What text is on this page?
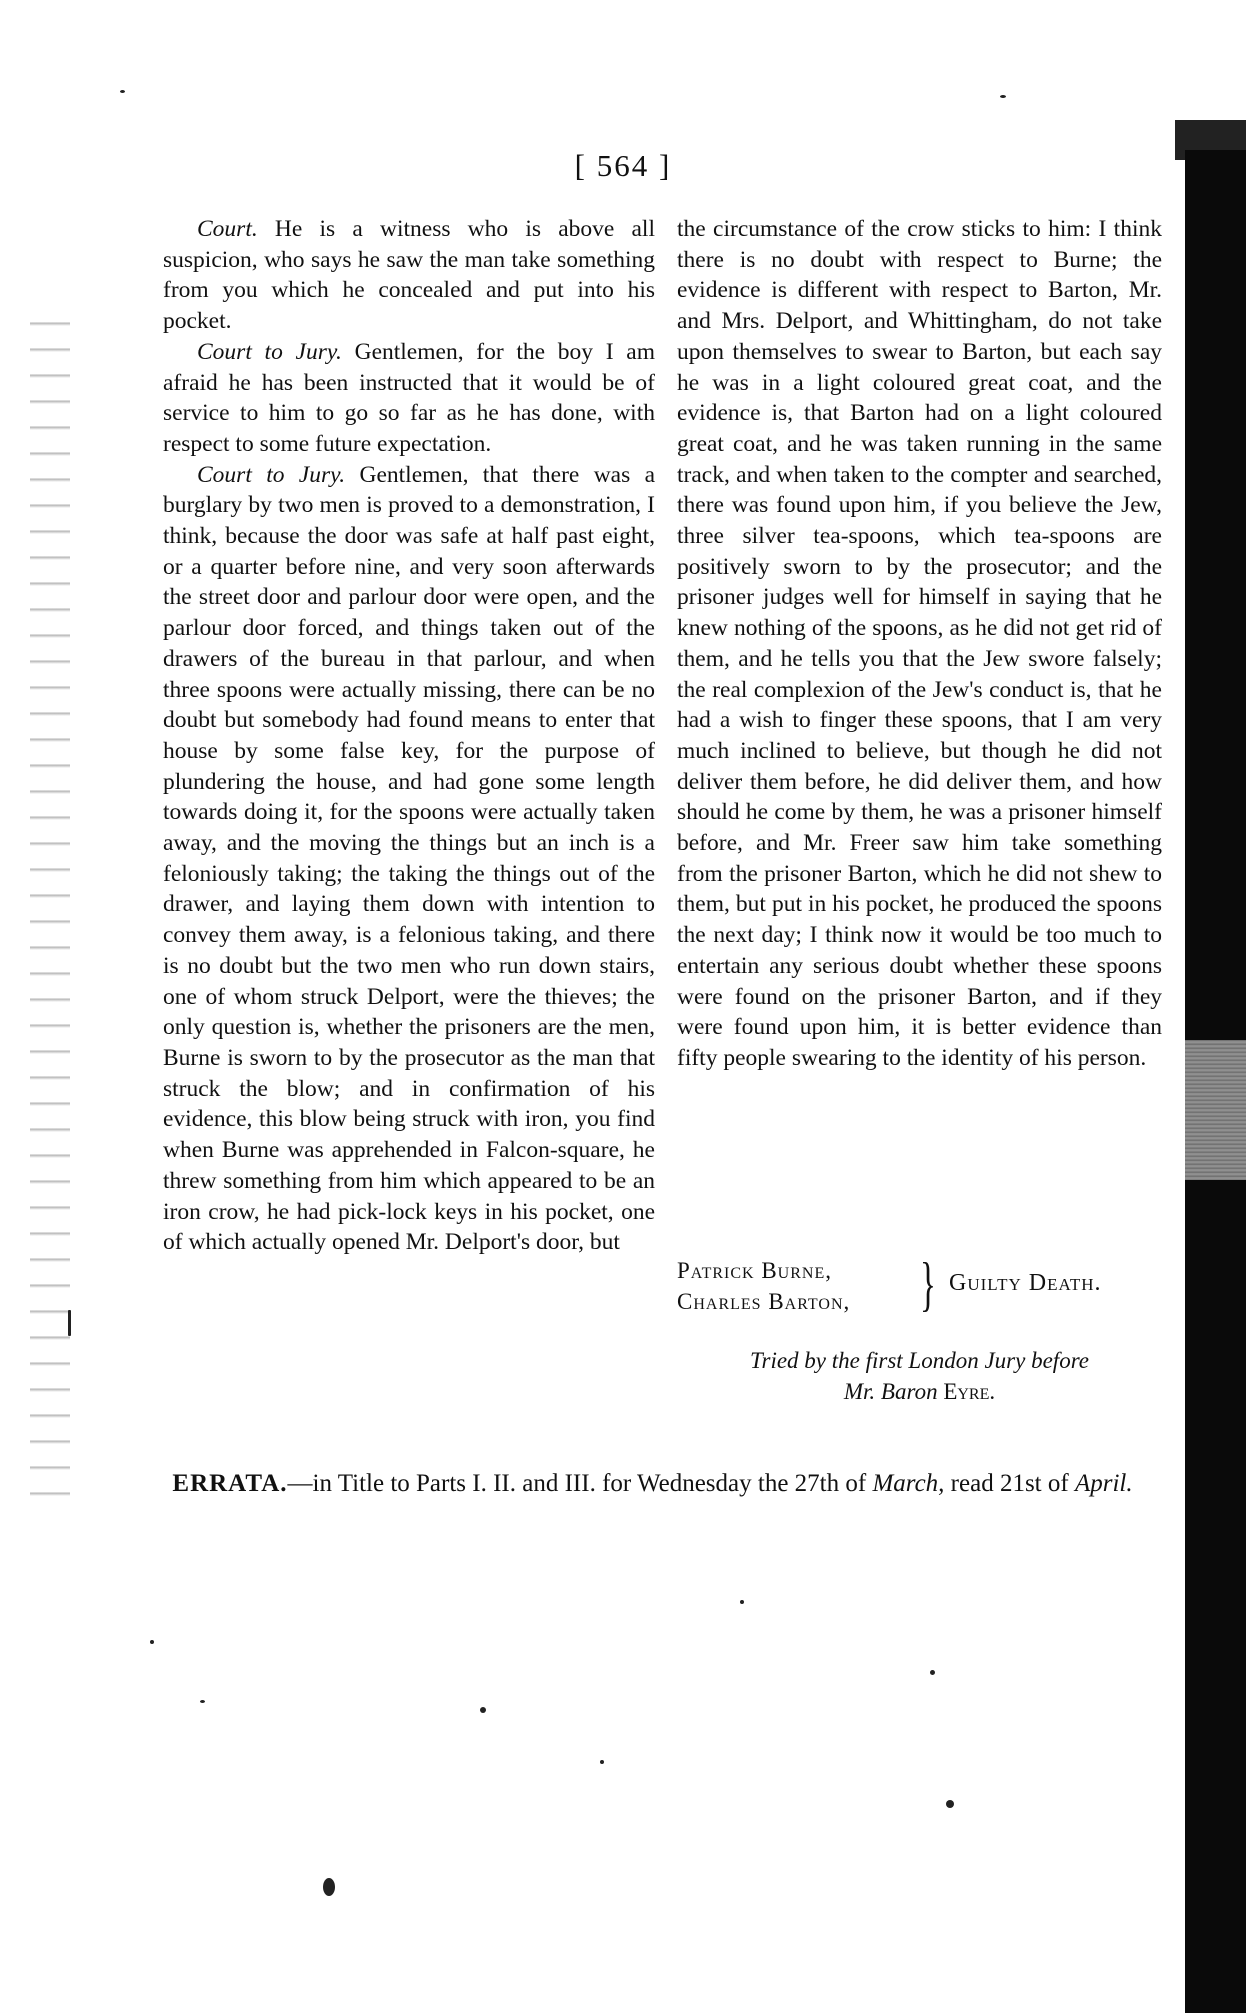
[ 564 ]

Court. He is a witness who is above all suspicion, who says he saw the man take something from you which he concealed and put into his pocket.

Court to Jury. Gentlemen, for the boy I am afraid he has been instructed that it would be of service to him to go so far as he has done, with respect to some future expectation.

Court to Jury. Gentlemen, that there was a burglary by two men is proved to a demonstration, I think, because the door was safe at half past eight, or a quarter before nine, and very soon afterwards the street door and parlour door were open, and the parlour door forced, and things taken out of the drawers of the bureau in that parlour, and when three spoons were actually missing, there can be no doubt but somebody had found means to enter that house by some false key, for the purpose of plundering the house, and had gone some length towards doing it, for the spoons were actually taken away, and the moving the things but an inch is a feloniously taking; the taking the things out of the drawer, and laying them down with intention to convey them away, is a felonious taking, and there is no doubt but the two men who run down stairs, one of whom struck Delport, were the thieves; the only question is, whether the prisoners are the men, Burne is sworn to by the prosecutor as the man that struck the blow; and in confirmation of his evidence, this blow being struck with iron, you find when Burne was apprehended in Falcon-square, he threw something from him which appeared to be an iron crow, he had pick-lock keys in his pocket, one of which actually opened Mr. Delport's door, but

the circumstance of the crow sticks to him: I think there is no doubt with respect to Burne; the evidence is different with respect to Barton, Mr. and Mrs. Delport, and Whittingham, do not take upon themselves to swear to Barton, but each say he was in a light coloured great coat, and the evidence is, that Barton had on a light coloured great coat, and he was taken running in the same track, and when taken to the compter and searched, there was found upon him, if you believe the Jew, three silver tea-spoons, which tea-spoons are positively sworn to by the prosecutor; and the prisoner judges well for himself in saying that he knew nothing of the spoons, as he did not get rid of them, and he tells you that the Jew swore falsely; the real complexion of the Jew's conduct is, that he had a wish to finger these spoons, that I am very much inclined to believe, but though he did not deliver them before, he did deliver them, and how should he come by them, he was a prisoner himself before, and Mr. Freer saw him take something from the prisoner Barton, which he did not shew to them, but put in his pocket, he produced the spoons the next day; I think now it would be too much to entertain any serious doubt whether these spoons were found on the prisoner Barton, and if they were found upon him, it is better evidence than fifty people swearing to the identity of his person.

Patrick Burne,
Charles Barton, } Guilty Death.
Tried by the first London Jury before
Mr. Baron Eyre.
ERRATA.—in Title to Parts I. II. and III. for Wednesday the 27th of March, read 21st of April.
